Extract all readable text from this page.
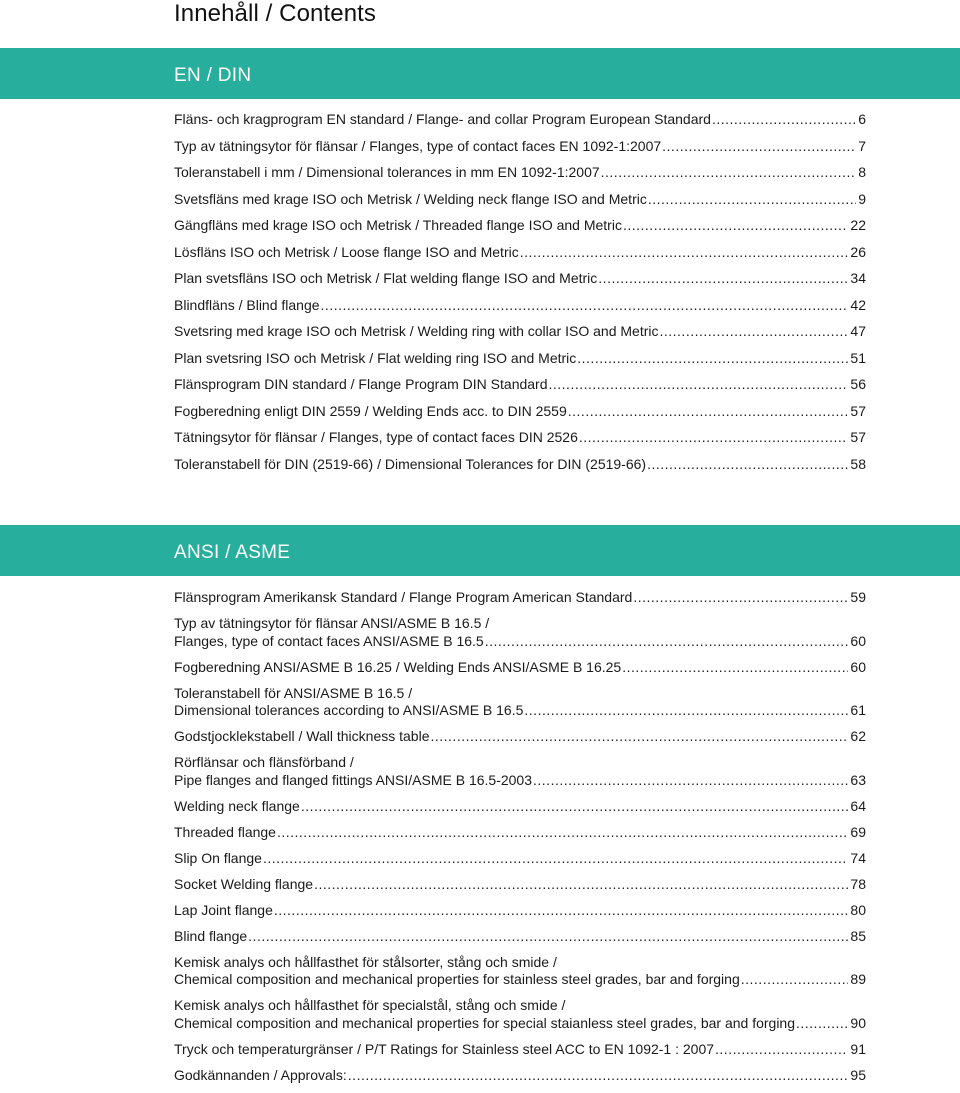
Innehåll / Contents
EN / DIN
Fläns- och kragprogram EN standard / Flange- and collar Program European Standard .....	6
Typ av tätningsytor för flänsar / Flanges, type of contact faces EN 1092-1:2007 .....	7
Toleranstabell i mm / Dimensional tolerances in mm EN 1092-1:2007 .....	8
Svetsfläns med krage ISO och Metrisk / Welding neck flange ISO and Metric .....	9
Gängfläns med krage ISO och Metrisk / Threaded flange ISO and Metric .....	22
Lösfläns ISO och Metrisk / Loose flange ISO and Metric .....	26
Plan svetsfläns ISO och Metrisk / Flat welding flange ISO and Metric .....	34
Blindfläns / Blind flange .....	42
Svetsring med krage ISO och Metrisk / Welding ring with collar ISO and Metric .....	47
Plan svetsring ISO och Metrisk / Flat welding ring ISO and Metric .....	51
Flänsprogram DIN standard / Flange Program DIN Standard .....	56
Fogberedning enligt DIN 2559 / Welding Ends acc. to DIN 2559 .....	57
Tätningsytor för flänsar / Flanges, type of contact faces DIN 2526 .....	57
Toleranstabell för DIN (2519-66) / Dimensional Tolerances for DIN (2519-66) .....	58
ANSI / ASME
Flänsprogram Amerikansk Standard / Flange Program American Standard .....	59
Typ av tätningsytor för flänsar ANSI/ASME B 16.5 /
Flanges, type of contact faces ANSI/ASME B 16.5 .....	60
Fogberedning ANSI/ASME B 16.25 / Welding Ends ANSI/ASME B 16.25 .....	60
Toleranstabell för ANSI/ASME B 16.5 /
Dimensional tolerances according to ANSI/ASME B 16.5 .....	61
Godstjocklekstabell / Wall thickness table .....	62
Rörflänsar och flänsförband /
Pipe flanges and flanged fittings ANSI/ASME B 16.5-2003 .....	63
Welding neck flange .....	64
Threaded flange .....	69
Slip On flange .....	74
Socket Welding flange .....	78
Lap Joint flange .....	80
Blind flange .....	85
Kemisk analys och hållfasthet för stålsorter, stång och smide /
Chemical composition and mechanical properties for stainless steel grades, bar and forging .....	89
Kemisk analys och hållfasthet för specialstål, stång och smide /
Chemical composition and mechanical properties for special staianless steel grades, bar and forging .....	90
Tryck och temperaturgränser / P/T Ratings for Stainless steel ACC to EN 1092-1 : 2007 .....	91
Godkännanden / Approvals: .....	95
